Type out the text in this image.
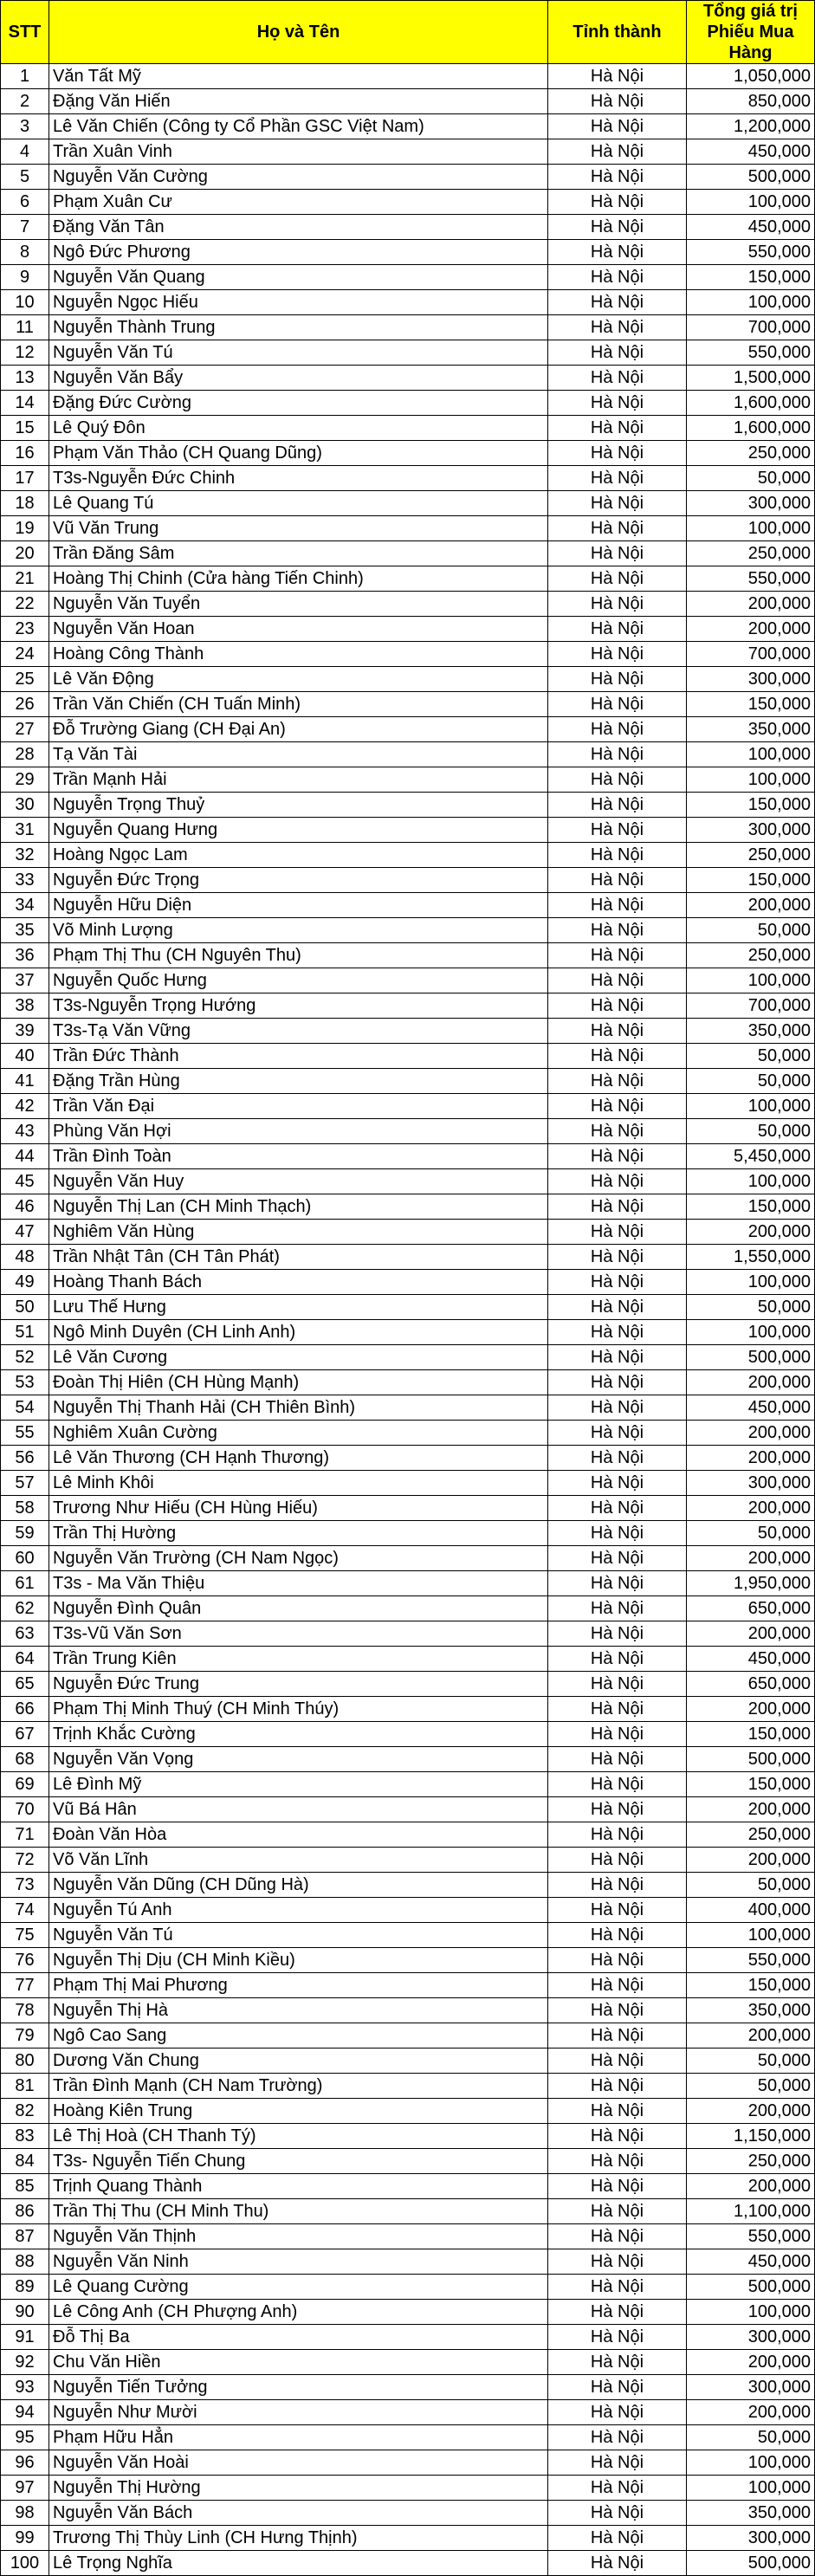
STT	Họ và Tên	Tỉnh thành	Tổng giá trị
Phiếu Mua Hàng
1	Văn Tất Mỹ	Hà Nội	1,050,000
2	Đặng Văn Hiến	Hà Nội	850,000
3	Lê Văn Chiến (Công ty Cổ Phần GSC Việt Nam)	Hà Nội	1,200,000
4	Trần Xuân Vinh	Hà Nội	450,000
5	Nguyễn Văn Cường	Hà Nội	500,000
6	Phạm Xuân Cư	Hà Nội	100,000
7	Đặng Văn Tân	Hà Nội	450,000
8	Ngô Đức Phương	Hà Nội	550,000
9	Nguyễn Văn Quang	Hà Nội	150,000
10	Nguyễn Ngọc Hiếu	Hà Nội	100,000
11	Nguyễn Thành Trung	Hà Nội	700,000
12	Nguyễn Văn Tú	Hà Nội	550,000
13	Nguyễn Văn Bẩy	Hà Nội	1,500,000
14	Đặng Đức Cường	Hà Nội	1,600,000
15	Lê Quý Đôn	Hà Nội	1,600,000
16	Phạm Văn Thảo (CH Quang Dũng)	Hà Nội	250,000
17	T3s-Nguyễn Đức Chinh	Hà Nội	50,000
18	Lê Quang Tú	Hà Nội	300,000
19	Vũ Văn Trung	Hà Nội	100,000
20	Trần Đăng Sâm	Hà Nội	250,000
21	Hoàng Thị Chinh (Cửa hàng Tiến Chinh)	Hà Nội	550,000
22	Nguyễn Văn Tuyển	Hà Nội	200,000
23	Nguyễn Văn Hoan	Hà Nội	200,000
24	Hoàng Công Thành	Hà Nội	700,000
25	Lê Văn Động	Hà Nội	300,000
26	Trần Văn Chiến (CH Tuấn Minh)	Hà Nội	150,000
27	Đỗ Trường Giang (CH Đại An)	Hà Nội	350,000
28	Tạ Văn Tài	Hà Nội	100,000
29	Trần Mạnh Hải	Hà Nội	100,000
30	Nguyễn Trọng Thuỷ	Hà Nội	150,000
31	Nguyễn Quang Hưng	Hà Nội	300,000
32	Hoàng Ngọc Lam	Hà Nội	250,000
33	Nguyễn Đức Trọng	Hà Nội	150,000
34	Nguyễn Hữu Diện	Hà Nội	200,000
35	Võ Minh Lượng	Hà Nội	50,000
36	Phạm Thị Thu (CH Nguyên Thu)	Hà Nội	250,000
37	Nguyễn Quốc Hưng	Hà Nội	100,000
38	T3s-Nguyễn Trọng Hướng	Hà Nội	700,000
39	T3s-Tạ Văn Vững	Hà Nội	350,000
40	Trần Đức Thành	Hà Nội	50,000
41	Đặng Trần Hùng	Hà Nội	50,000
42	Trần Văn Đại	Hà Nội	100,000
43	Phùng Văn Hợi	Hà Nội	50,000
44	Trần Đình Toàn	Hà Nội	5,450,000
45	Nguyễn Văn Huy	Hà Nội	100,000
46	Nguyễn Thị Lan (CH Minh Thạch)	Hà Nội	150,000
47	Nghiêm Văn Hùng	Hà Nội	200,000
48	Trần Nhật Tân (CH Tân Phát)	Hà Nội	1,550,000
49	Hoàng Thanh Bách	Hà Nội	100,000
50	Lưu Thế Hưng	Hà Nội	50,000
51	Ngô Minh Duyên (CH Linh Anh)	Hà Nội	100,000
52	Lê Văn Cương	Hà Nội	500,000
53	Đoàn Thị Hiên (CH Hùng Mạnh)	Hà Nội	200,000
54	Nguyễn Thị Thanh Hải (CH Thiên Bình)	Hà Nội	450,000
55	Nghiêm Xuân Cường	Hà Nội	200,000
56	Lê Văn Thương (CH Hạnh Thương)	Hà Nội	200,000
57	Lê Minh Khôi	Hà Nội	300,000
58	Trương Như Hiếu (CH Hùng Hiếu)	Hà Nội	200,000
59	Trần Thị Hường	Hà Nội	50,000
60	Nguyễn Văn Trường (CH Nam Ngọc)	Hà Nội	200,000
61	T3s - Ma Văn Thiệu	Hà Nội	1,950,000
62	Nguyễn Đình Quân	Hà Nội	650,000
63	T3s-Vũ Văn Sơn	Hà Nội	200,000
64	Trần Trung Kiên	Hà Nội	450,000
65	Nguyễn Đức Trung	Hà Nội	650,000
66	Phạm Thị Minh Thuý (CH Minh Thúy)	Hà Nội	200,000
67	Trịnh Khắc Cường	Hà Nội	150,000
68	Nguyễn Văn Vọng	Hà Nội	500,000
69	Lê Đình Mỹ	Hà Nội	150,000
70	Vũ Bá Hân	Hà Nội	200,000
71	Đoàn Văn Hòa	Hà Nội	250,000
72	Võ Văn Lĩnh	Hà Nội	200,000
73	Nguyễn Văn Dũng (CH Dũng Hà)	Hà Nội	50,000
74	Nguyễn Tú Anh	Hà Nội	400,000
75	Nguyễn Văn Tú	Hà Nội	100,000
76	Nguyễn Thị Dịu (CH Minh Kiều)	Hà Nội	550,000
77	Phạm Thị Mai Phương	Hà Nội	150,000
78	Nguyễn Thị Hà	Hà Nội	350,000
79	Ngô Cao Sang	Hà Nội	200,000
80	Dương Văn Chung	Hà Nội	50,000
81	Trần Đình Mạnh (CH Nam Trường)	Hà Nội	50,000
82	Hoàng Kiên Trung	Hà Nội	200,000
83	Lê Thị Hoà (CH Thanh Tý)	Hà Nội	1,150,000
84	T3s- Nguyễn Tiến Chung	Hà Nội	250,000
85	Trịnh Quang Thành	Hà Nội	200,000
86	Trần Thị Thu (CH Minh Thu)	Hà Nội	1,100,000
87	Nguyễn Văn Thịnh	Hà Nội	550,000
88	Nguyễn Văn Ninh	Hà Nội	450,000
89	Lê Quang Cường	Hà Nội	500,000
90	Lê Công Anh (CH Phượng Anh)	Hà Nội	100,000
91	Đỗ Thị Ba	Hà Nội	300,000
92	Chu Văn Hiền	Hà Nội	200,000
93	Nguyễn Tiến Tưởng	Hà Nội	300,000
94	Nguyễn Như Mười	Hà Nội	200,000
95	Phạm Hữu Hẳn	Hà Nội	50,000
96	Nguyễn Văn Hoài	Hà Nội	100,000
97	Nguyễn Thị Hường	Hà Nội	100,000
98	Nguyễn Văn Bách	Hà Nội	350,000
99	Trương Thị Thùy Linh (CH Hưng Thịnh)	Hà Nội	300,000
100	Lê Trọng Nghĩa	Hà Nội	500,000
